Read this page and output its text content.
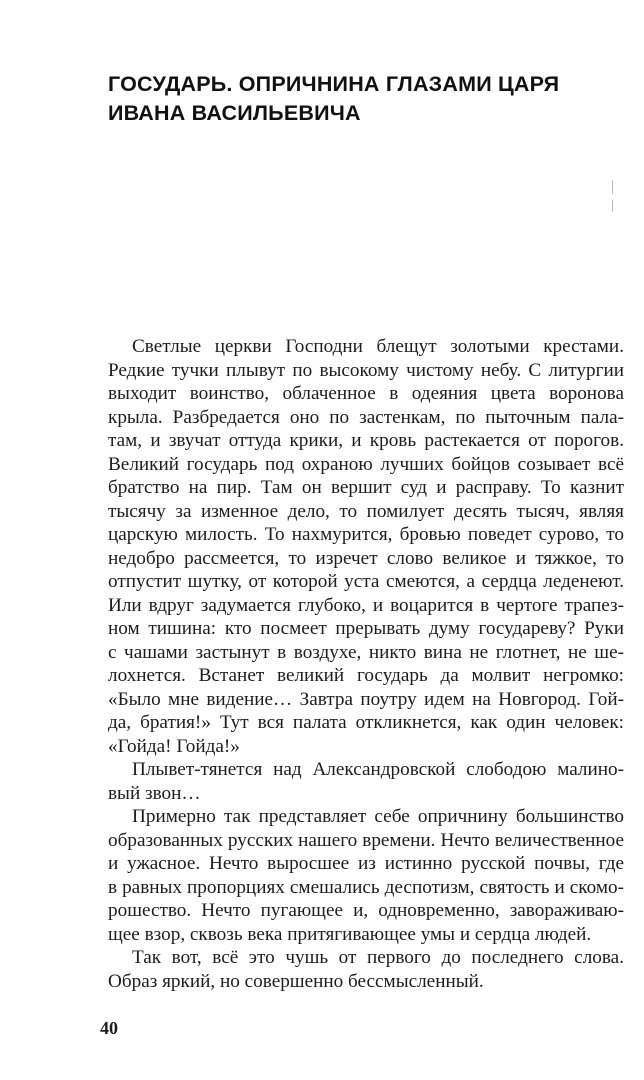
ГОСУДАРЬ. ОПРИЧНИНА ГЛАЗАМИ ЦАРЯ
ИВАНА ВАСИЛЬЕВИЧА
Светлые церкви Господни блещут золотыми крестами.
Редкие тучки плывут по высокому чистому небу. С литургии
выходит воинство, облаченное в одеяния цвета воронова
крыла. Разбредается оно по застенкам, по пыточным пала-
там, и звучат оттуда крики, и кровь растекается от порогов.
Великий государь под охраною лучших бойцов созывает всё
братство на пир. Там он вершит суд и расправу. То казнит
тысячу за изменное дело, то помилует десять тысяч, являя
царскую милость. То нахмурится, бровью поведет сурово, то
недобро рассмеется, то изречет слово великое и тяжкое, то
отпустит шутку, от которой уста смеются, а сердца леденеют.
Или вдруг задумается глубоко, и воцарится в чертоге трапез-
ном тишина: кто посмеет прерывать думу государеву? Руки
с чашами застынут в воздухе, никто вина не глотнет, не ше-
лохнется. Встанет великий государь да молвит негромко:
«Было мне видение… Завтра поутру идем на Новгород. Гой-
да, братия!» Тут вся палата откликнется, как один человек:
«Гойда! Гойда!»
Плывет-тянется над Александровской слободою малино-
вый звон…
Примерно так представляет себе опричнину большинство
образованных русских нашего времени. Нечто величественное
и ужасное. Нечто выросшее из истинно русской почвы, где
в равных пропорциях смешались деспотизм, святость и скомо-
рошество. Нечто пугающее и, одновременно, завораживаю-
щее взор, сквозь века притягивающее умы и сердца людей.
Так вот, всё это чушь от первого до последнего слова.
Образ яркий, но совершенно бессмысленный.
40
